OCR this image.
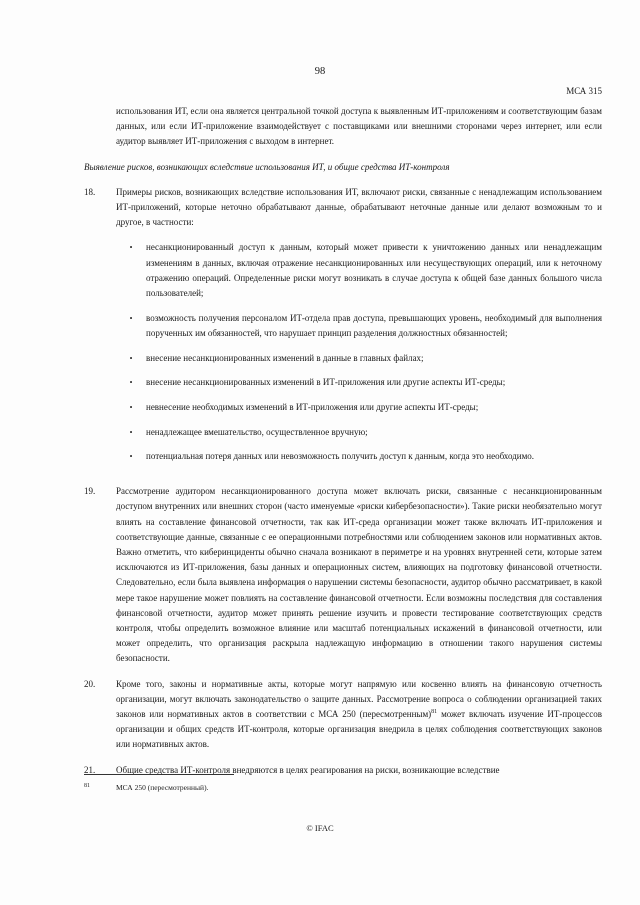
98
МСА 315

использования ИТ, если она является центральной точкой доступа к выявленным ИТ-приложениям и соответствующим базам данных, или если ИТ-приложение взаимодействует с поставщиками или внешними сторонами через интернет, или если аудитор выявляет ИТ-приложения с выходом в интернет.

Выявление рисков, возникающих вследствие использования ИТ, и общие средства ИТ-контроля

18.	Примеры рисков, возникающих вследствие использования ИТ, включают риски, связанные с ненадлежащим использованием ИТ-приложений, которые неточно обрабатывают данные, обрабатывают неточные данные или делают возможным то и другое, в частности:

•	несанкционированный доступ к данным, который может привести к уничтожению данных или ненадлежащим изменениям в данных, включая отражение несанкционированных или несуществующих операций, или к неточному отражению операций. Определенные риски могут возникать в случае доступа к общей базе данных большого числа пользователей;
•	возможность получения персоналом ИТ-отдела прав доступа, превышающих уровень, необходимый для выполнения порученных им обязанностей, что нарушает принцип разделения должностных обязанностей;
•	внесение несанкционированных изменений в данные в главных файлах;
•	внесение несанкционированных изменений в ИТ-приложения или другие аспекты ИТ-среды;
•	невнесение необходимых изменений в ИТ-приложения или другие аспекты ИТ-среды;
•	ненадлежащее вмешательство, осуществленное вручную;
•	потенциальная потеря данных или невозможность получить доступ к данным, когда это необходимо.
19.	Рассмотрение аудитором несанкционированного доступа может включать риски, связанные с несанкционированным доступом внутренних или внешних сторон (часто именуемые «риски кибербезопасности»). Такие риски необязательно могут влиять на составление финансовой отчетности, так как ИТ-среда организации может также включать ИТ-приложения и соответствующие данные, связанные с ее операционными потребностями или соблюдением законов или нормативных актов. Важно отметить, что киберинциденты обычно сначала возникают в периметре и на уровнях внутренней сети, которые затем исключаются из ИТ-приложения, базы данных и операционных систем, влияющих на подготовку финансовой отчетности. Следовательно, если была выявлена информация о нарушении системы безопасности, аудитор обычно рассматривает, в какой мере такое нарушение может повлиять на составление финансовой отчетности. Если возможны последствия для составления финансовой отчетности, аудитор может принять решение изучить и провести тестирование соответствующих средств контроля, чтобы определить возможное влияние или масштаб потенциальных искажений в финансовой отчетности, или может определить, что организация раскрыла надлежащую информацию в отношении такого нарушения системы безопасности.

20.	Кроме того, законы и нормативные акты, которые могут напрямую или косвенно влиять на финансовую отчетность организации, могут включать законодательство о защите данных. Рассмотрение вопроса о соблюдении организацией таких законов или нормативных актов в соответствии с МСА 250 (пересмотренным)$^{81}$ может включать изучение ИТ-процессов организации и общих средств ИТ-контроля, которые организация внедрила в целях соблюдения соответствующих законов или нормативных актов.

21.	Общие средства ИТ-контроля внедряются в целях реагирования на риски, возникающие вследствие

81	МСА 250 (пересмотренный).
© IFAC
